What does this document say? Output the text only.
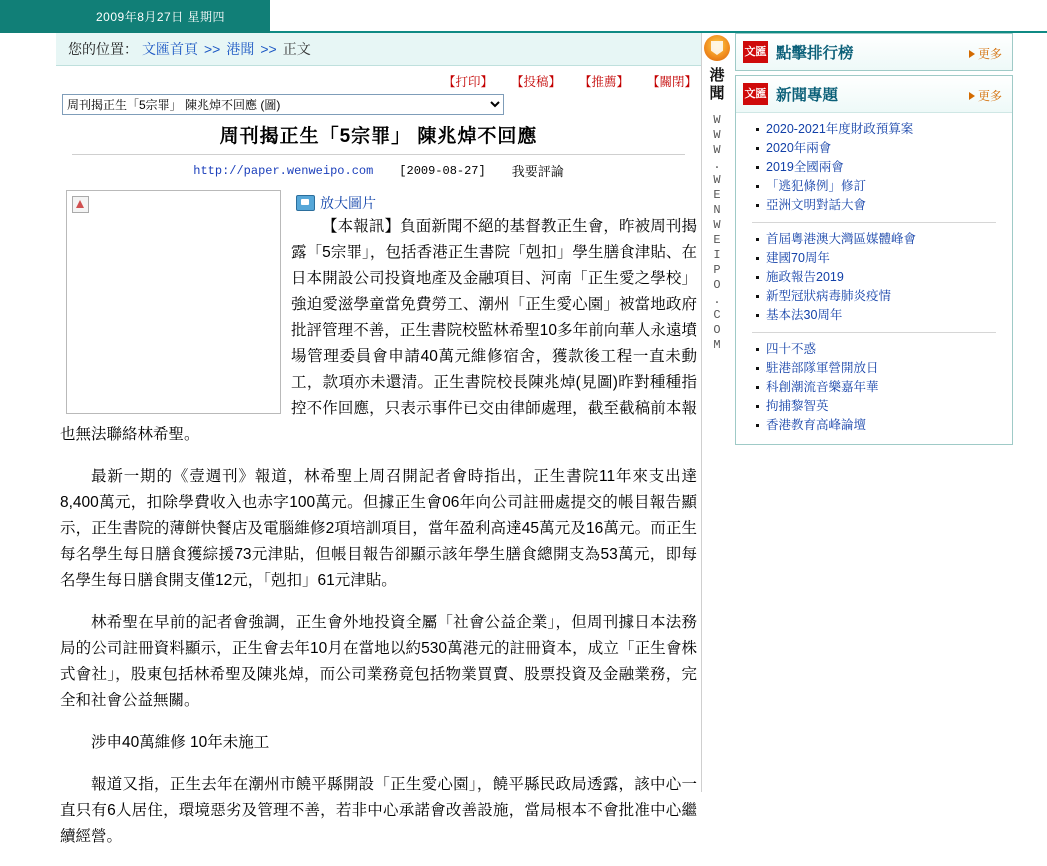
2009年8月27日 星期四
您的位置： 文匯首頁 >> 港聞 >> 正文
【打印】 【投稿】 【推薦】 【關閉】
周刊揭正生「5宗罪」 陳兆焯不回應 (圖)
周刊揭正生「5宗罪」 陳兆焯不回應
http://paper.wenweipo.com [2009-08-27] 我要評論
放大圖片

【本報訊】負面新聞不絕的基督教正生會，昨被周刊揭露「5宗罪」，包括香港正生書院「剋扣」學生膳食津貼、在日本開設公司投資地產及金融項目、河南「正生愛之學校」強迫愛滋學童當免費勞工、潮州「正生愛心園」被當地政府批評管理不善，正生書院校監林希聖10多年前向華人永遠墳場管理委員會申請40萬元維修宿舍，獲款後工程一直未動工，款項亦未還清。正生書院校長陳兆焯(見圖)昨對種種指控不作回應，只表示事件已交由律師處理，截至截稿前本報也無法聯絡林希聖。

最新一期的《壹週刊》報道，林希聖上周召開記者會時指出，正生書院11年來支出達8,400萬元，扣除學費收入也赤字100萬元。但據正生會06年向公司註冊處提交的帳目報告顯示，正生書院的薄餅快餐店及電腦維修2項培訓項目，當年盈利高達45萬元及16萬元。而正生每名學生每日膳食獲綜援73元津貼，但帳目報告卻顯示該年學生膳食總開支為53萬元，即每名學生每日膳食開支僅12元，「剋扣」61元津貼。

林希聖在早前的記者會強調，正生會外地投資全屬「社會公益企業」，但周刊據日本法務局的公司註冊資料顯示，正生會去年10月在當地以約530萬港元的註冊資本，成立「正生會株式會社」，股東包括林希聖及陳兆焯，而公司業務竟包括物業買賣、股票投資及金融業務，完全和社會公益無關。

涉申40萬維修 10年未施工

報道又指，正生去年在潮州市饒平縣開設「正生愛心園」，饒平縣民政局透露，該中心一直只有6人居住，環境惡劣及管理不善，若非中心承諾會改善設施，當局根本不會批准中心繼續經營。

港聞
WWW.WENWEIPO.COM
文匯 點擊排行榜	更多
文匯 新聞專題	更多
2020-2021年度財政預算案
2020年兩會
2019全國兩會
「逃犯條例」修訂
亞洲文明對話大會
首屆粵港澳大灣區媒體峰會
建國70周年
施政報告2019
新型冠狀病毒肺炎疫情
基本法30周年
四十不惑
駐港部隊軍營開放日
科創潮流音樂嘉年華
拘捕黎智英
香港教育高峰論壇
